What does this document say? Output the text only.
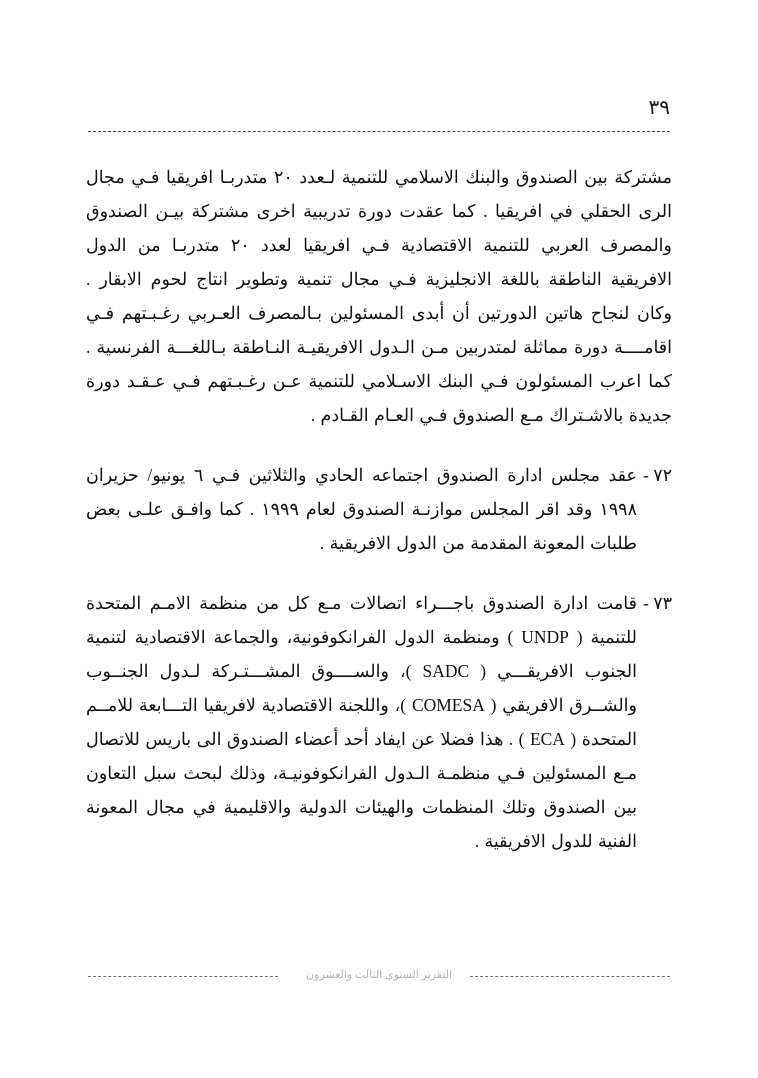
٣٩
مشتركة بين الصندوق والبنك الاسلامي للتنمية لـعدد ٢٠ متدربـا افريقيا فـي مجال الرى الحقلي في افريقيا . كما عقدت دورة تدريبية اخرى مشتركة بيـن الصندوق والمصرف العربي للتنمية الاقتصادية فـي افريقيا لعدد ٢٠ متدربـا من الدول الافريقية الناطقة باللغة الانجليزية فـي مجال تنمية وتطوير انتاج لحوم الابقار . وكان لنجاح هاتين الدورتين أن أبدى المسئولين بـالمصرف العـربي رغـبـتهم فـي اقامــــة دورة مماثلة لمتدربين مـن الـدول الافريقيـة النـاطقة بـاللغـــة الفرنسية . كما اعرب المسئولون فـي البنك الاسـلامي للتنمية عـن رغـبـتهم فـي عـقـد دورة جديدة بالاشـتراك مـع الصندوق فـي العـام القـادم .
٧٢ -
عقد مجلس ادارة الصندوق اجتماعه الحادي والثلاثين فـي ٦ يونيو/ حزيران ١٩٩٨ وقد اقر المجلس موازنـة الصندوق لعام ١٩٩٩ . كما وافـق علـى بعض طلبات المعونة المقدمة من الدول الافريقية .
٧٣ -
قامت ادارة الصندوق باجـــراء اتصالات مـع كل من منظمة الامـم المتحدة للتنمية ( UNDP ) ومنظمة الدول الفرانكوفونية، والجماعة الاقتصادية لتنمية الجنوب الافريقـــي ( SADC )، والســــوق المشـــتـركة لـدول الجنــوب والشــرق الافريقي ( COMESA )، واللجنة الاقتصادية لافريقيا التـــابعة للامــم المتحدة ( ECA ) . هذا فضلا عن ايفاد أحد أعضاء الصندوق الى باريس للاتصال مـع المسئولين فـي منظمـة الـدول الفرانكوفونيـة، وذلك لبحث سبل التعاون بين الصندوق وتلك المنظمات والهيئات الدولية والاقليمية في مجال المعونة الفنية للدول الافريقية .
التقرير السنوي الثالث والعشرون
